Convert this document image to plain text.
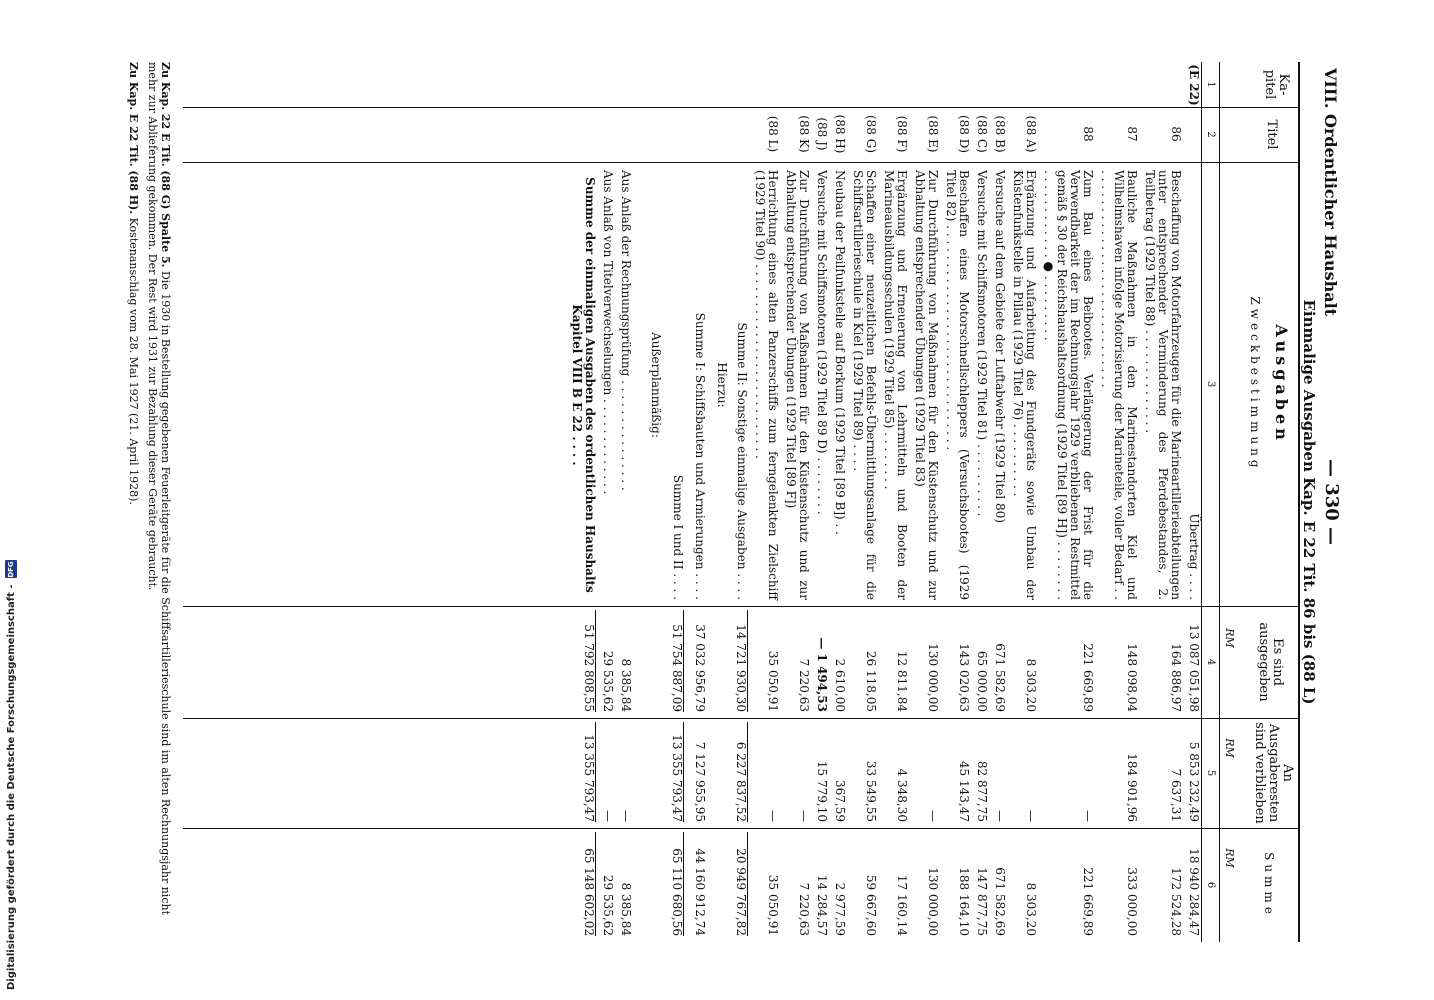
— 330 —
VIII. Ordentlicher Haushalt
Einmalige Ausgaben Kap. E 22 Tit. 86 bis (88 L)
Ka-
pitel
Titel
Ausgaben
Zweckbestimmung
Es sind
ausgegeben
An
Ausgaberesten
sind verblieben
Summe
RM
RM
RM
1
2
3
4
5
6
(E 22)
Übertrag . . . .
13 087 051,98
5 853 232,49
18 940 284,47
86
Beschaffung von Motorfahrzeugen für die Marineartillerieabteilungen unter entsprechender Verminderung des Pferdebestandes, 2. Teilbetrag (1929 Titel 88) . . . . . . . . . . . . . .
164 886,97
7 637,31
172 524,28
87
Bauliche Maßnahmen in den Marinestandorten Kiel und Wilhelmshaven infolge Motorisierung der Marineteile, voller Bedarf . . . . . . . . . . . . . . . . . . . . . . . . . . . . . . .
148 098,04
184 901,96
333 000,00
88
Zum Bau eines Beibootes. Verlängerung der Frist für die Verwendbarkeit der im Rechnungsjahr 1929 verbliebenen Restmittel gemäß § 30 der Reichshaushaltsordnung (1929 Titel [89 H]) . . . . . . . . . . . . . . . . . . . . ● . . . . . . . . .
221 669,89
—
221 669,89
(88 A)
Ergänzung und Aufarbeitung des Fundgeräts sowie Umbau der Küstenfunkstelle in Pillau (1929 Titel 76) . . . . . . . . . .
8 303,20
—
8 303,20
(88 B)
Versuche auf dem Gebiete der Luftabwehr (1929 Titel 80)
671 582,69
—
671 582,69
(88 C)
Versuche mit Schiffsmotoren (1929 Titel 81) . . . . . . . . . .
65 000,00
82 877,75
147 877,75
(88 D)
Beschaffen eines Motorschnellschleppers (Versuchsbootes) (1929 Titel 82) . . . . . . . . . . . . . . . . . . . . . . . . . . . . . .
143 020,63
45 143,47
188 164,10
(88 E)
Zur Durchführung von Maßnahmen für den Küstenschutz und zur Abhaltung entsprechender Übungen (1929 Titel 83)
130 000,00
—
130 000,00
(88 F)
Ergänzung und Erneuerung von Lehrmitteln und Booten der Marineausbildungsschulen (1929 Titel 85) . . . . . . . .
12 811,84
4 348,30
17 160,14
(88 G)
Schaffen einer neuzeitlichen Befehls-Übermittlungsanlage für die Schiffsartillerieschule in Kiel (1929 Titel 89) . . . .
26 118,05
33 549,55
59 667,60
(88 H)
Neubau der Peilfunkstelle auf Borkum (1929 Titel [89 B]) . .
2 610,00
367,59
2 977,59
(88 J)
Versuche mit Schiffsmotoren (1929 Titel 89 D) . . . . . . . .
— 1 494,53
15 779,10
14 284,57
(88 K)
Zur Durchführung von Maßnahmen für den Küstenschutz und zur Abhaltung entsprechender Übungen (1929 Titel [89 F])
7 220,63
—
7 220,63
(88 L)
Herrichtung eines alten Panzerschiffs zum ferngelenkten Zielschiff (1929 Titel 90) . . . . . . . . . . . . . . . . . . . . . . . . . .
35 050,91
—
35 050,91
Summe II: Sonstige einmalige Ausgaben . . . .
14 721 930,30
6 227 837,52
20 949 767,82
Hierzu:
Summe I: Schiffsbauten und Armierungen . . . .
37 032 956,79
7 127 955,95
44 160 912,74
Summe I und II . . . .
51 754 887,09
13 355 793,47
65 110 680,56
Außerplanmäßig:
Aus Anlaß der Rechnungsprüfung . . . . . . . . . . . . . . .
8 385,84
—
8 385,84
Aus Anlaß von Titelverwechselungen . . . . . . . . . . . . .
29 535,62
—
29 535,62
Summe der einmaligen Ausgaben des ordentlichen Haushalts Kapitel VIII B E 22 . . . .
51 792 808,55
13 355 793,47
65 148 602,02

Zu Kap. 22 E Tit. (88 G) Spalte 5. Die 1930 in Bestellung gegebenen Feuerleitgeräte für die Schiffsartillerieschule sind im alten Rechnungsjahr nicht mehr zur Ablieferung gekommen. Der Rest wird 1931 zur Bezahlung dieser Geräte gebraucht.

Zu Kap. E 22 Tit. (88 H). Kostenanschlag vom 28. Mai 1927 (21. April 1928).

Digitalisierung gefördert durch die Deutsche Forschungsgemeinschaft -
DFG
